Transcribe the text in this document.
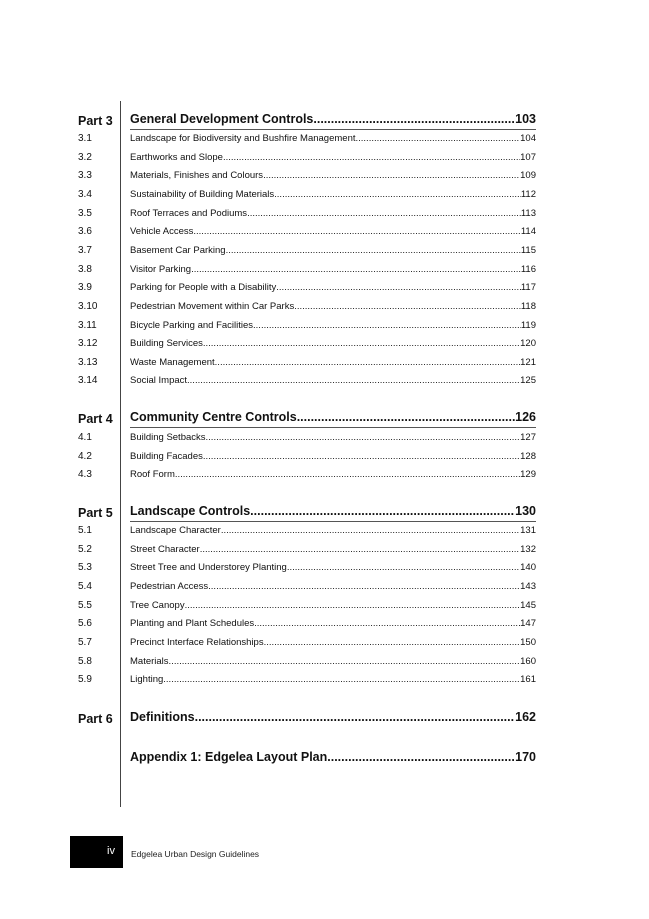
Part 3 General Development Controls .....	103
3.1	Landscape for Biodiversity and Bushfire Management .....	104
3.2	Earthworks and Slope .....	107
3.3	Materials, Finishes and Colours .....	109
3.4	Sustainability of Building Materials .....	112
3.5	Roof Terraces and Podiums .....	113
3.6	Vehicle Access .....	114
3.7	Basement Car Parking .....	115
3.8	Visitor Parking .....	116
3.9	Parking for People with a Disability .....	117
3.10	Pedestrian Movement within Car Parks .....	118
3.11	Bicycle Parking and Facilities .....	119
3.12	Building Services .....	120
3.13	Waste Management .....	121
3.14	Social Impact .....	125
Part 4 Community Centre Controls .....	126
4.1	Building Setbacks .....	127
4.2	Building Facades .....	128
4.3	Roof Form .....	129
Part 5 Landscape Controls .....	130
5.1	Landscape Character .....	131
5.2	Street Character .....	132
5.3	Street Tree and Understorey Planting .....	140
5.4	Pedestrian Access .....	143
5.5	Tree Canopy .....	145
5.6	Planting and Plant Schedules .....	147
5.7	Precinct Interface Relationships .....	150
5.8	Materials .....	160
5.9	Lighting .....	161
Part 6 Definitions .....	162
Appendix 1: Edgelea Layout Plan .....	170
iv Edgelea Urban Design Guidelines
